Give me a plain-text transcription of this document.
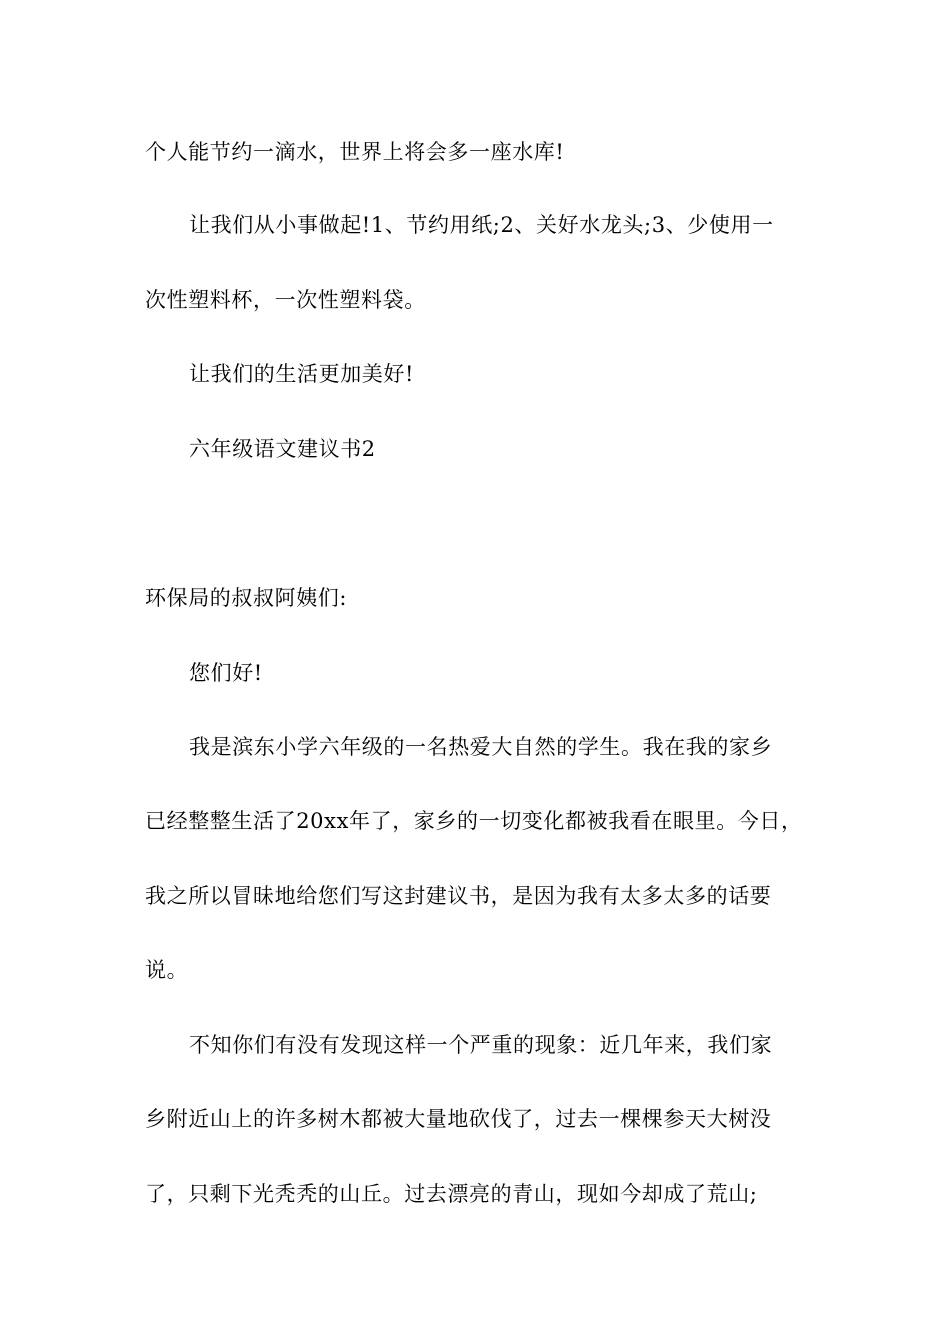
个人能节约一滴水，世界上将会多一座水库!
让我们从小事做起!1、节约用纸;2、关好水龙头;3、少使用一
次性塑料杯，一次性塑料袋。
让我们的生活更加美好!
六年级语文建议书2
环保局的叔叔阿姨们:
您们好!
我是滨东小学六年级的一名热爱大自然的学生。我在我的家乡
已经整整生活了20xx年了，家乡的一切变化都被我看在眼里。今日，
我之所以冒昧地给您们写这封建议书，是因为我有太多太多的话要
说。
不知你们有没有发现这样一个严重的现象：近几年来，我们家
乡附近山上的许多树木都被大量地砍伐了，过去一棵棵参天大树没
了，只剩下光秃秃的山丘。过去漂亮的青山，现如今却成了荒山;
